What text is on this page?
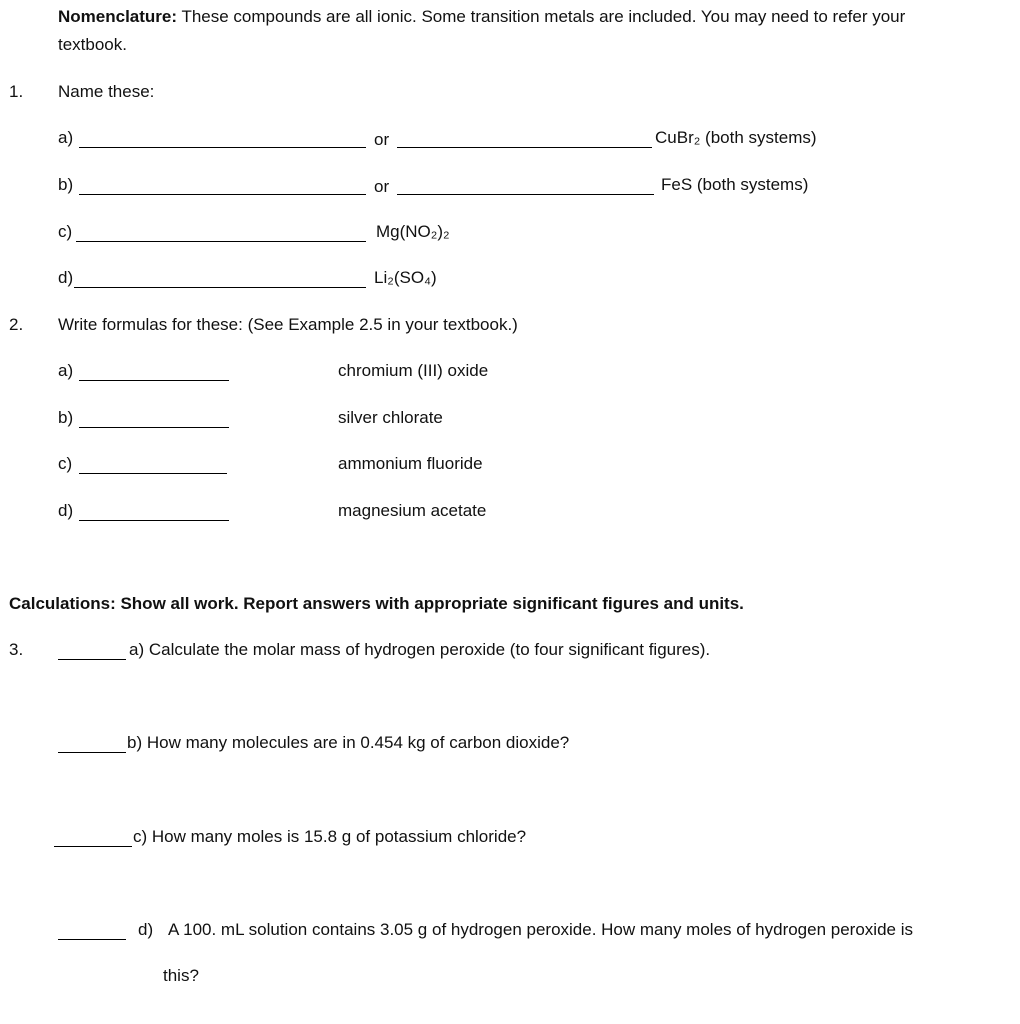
Nomenclature: These compounds are all ionic. Some transition metals are included. You may need to refer your
textbook.
1. Name these:
a)	or	CuBr₂ (both systems)
b)	or	FeS (both systems)
c)	Mg(NO₂)₂
d)	Li₂(SO₄)
2. Write formulas for these: (See Example 2.5 in your textbook.)
a)	chromium (III) oxide
b)	silver chlorate
c)	ammonium fluoride
d)	magnesium acetate
Calculations: Show all work. Report answers with appropriate significant figures and units.
3.	a) Calculate the molar mass of hydrogen peroxide (to four significant figures).
b) How many molecules are in 0.454 kg of carbon dioxide?
c) How many moles is 15.8 g of potassium chloride?
d) A 100. mL solution contains 3.05 g of hydrogen peroxide. How many moles of hydrogen peroxide is
this?
